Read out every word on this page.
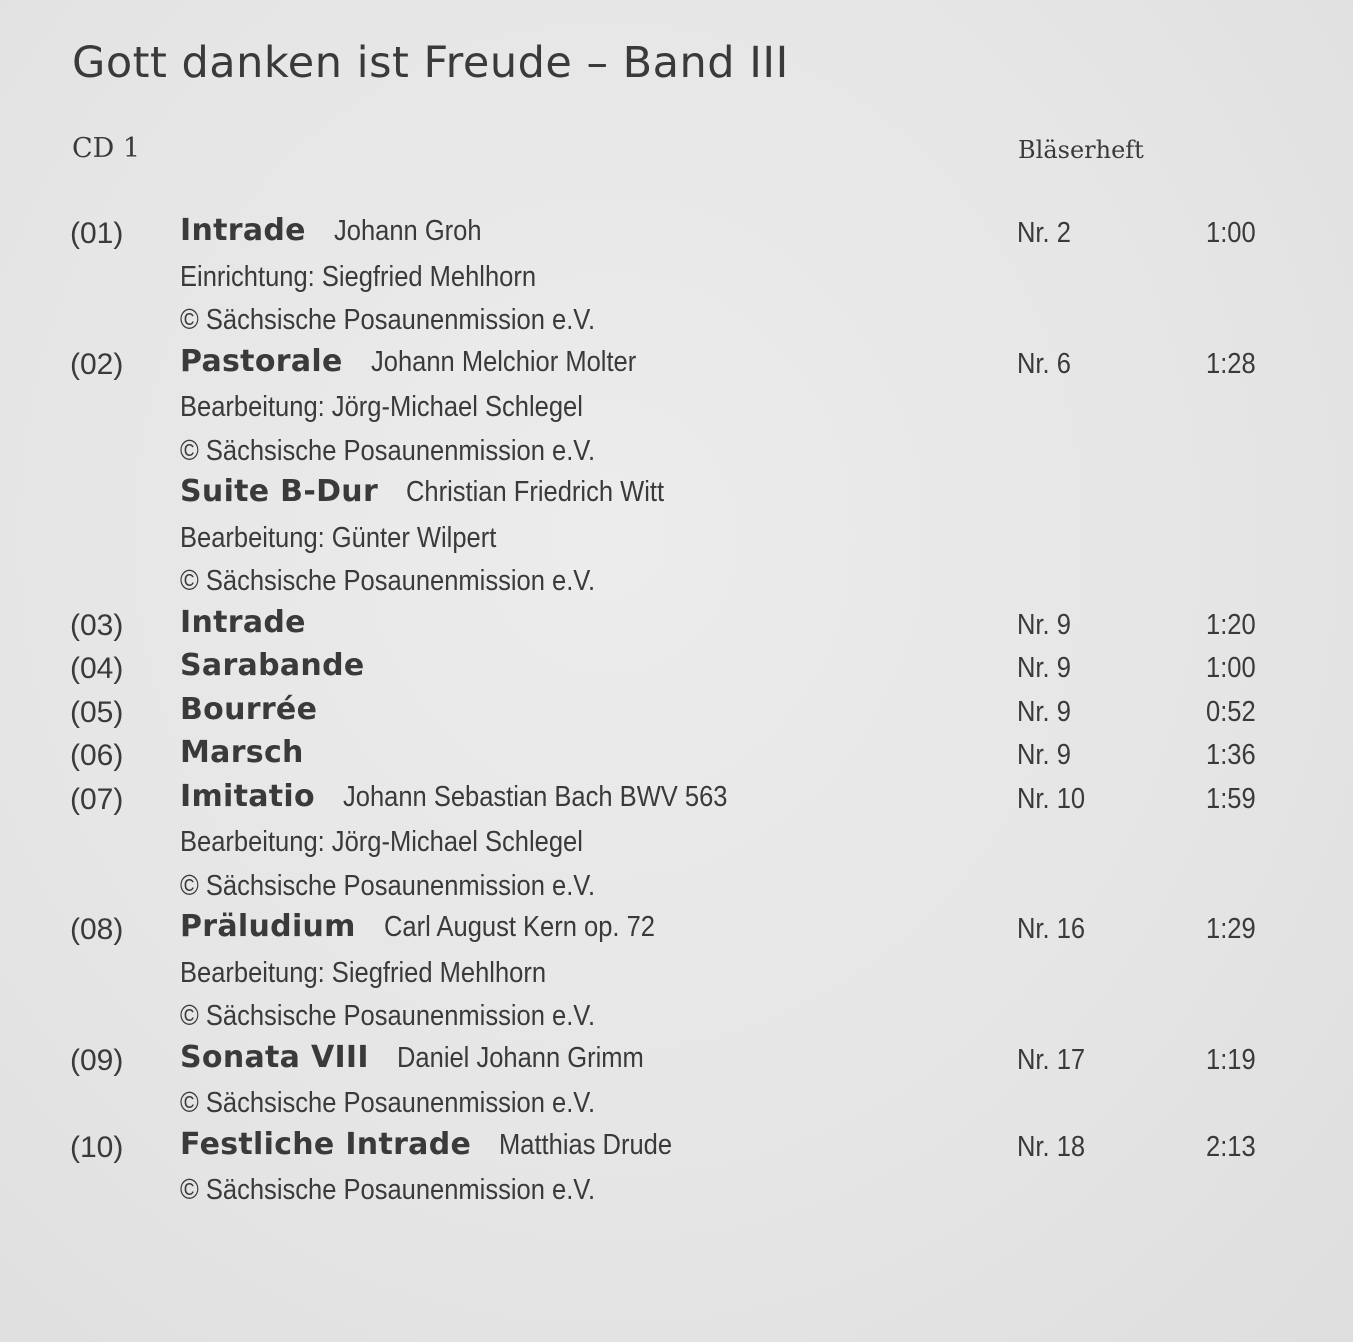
Gott danken ist Freude – Band III
CD 1	Bläserheft
(01) Intrade Johann Groh	Nr. 2	1:00
Einrichtung: Siegfried Mehlhorn
© Sächsische Posaunenmission e.V.
(02) Pastorale Johann Melchior Molter	Nr. 6	1:28
Bearbeitung: Jörg-Michael Schlegel
© Sächsische Posaunenmission e.V.
Suite B-Dur Christian Friedrich Witt
Bearbeitung: Günter Wilpert
© Sächsische Posaunenmission e.V.
(03) Intrade	Nr. 9	1:20
(04) Sarabande	Nr. 9	1:00
(05) Bourrée	Nr. 9	0:52
(06) Marsch	Nr. 9	1:36
(07) Imitatio Johann Sebastian Bach BWV 563	Nr. 10	1:59
Bearbeitung: Jörg-Michael Schlegel
© Sächsische Posaunenmission e.V.
(08) Präludium Carl August Kern op. 72	Nr. 16	1:29
Bearbeitung: Siegfried Mehlhorn
© Sächsische Posaunenmission e.V.
(09) Sonata VIII Daniel Johann Grimm	Nr. 17	1:19
© Sächsische Posaunenmission e.V.
(10) Festliche Intrade Matthias Drude	Nr. 18	2:13
© Sächsische Posaunenmission e.V.
